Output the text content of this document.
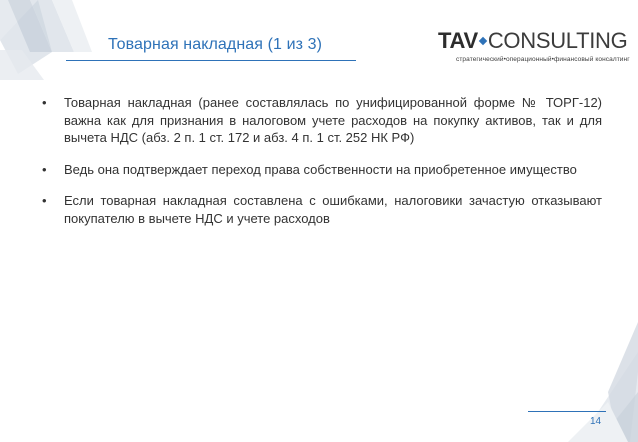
Товарная накладная (1 из 3)	TAV CONSULTING
стратегический•операционный•финансовый консалтинг
• Товарная накладная (ранее составлялась по унифицированной форме № ТОРГ-12) важна как для признания в налоговом учете расходов на покупку активов, так и для вычета НДС (абз. 2 п. 1 ст. 172 и абз. 4 п. 1 ст. 252 НК РФ)
• Ведь она подтверждает переход права собственности на приобретенное имущество
• Если товарная накладная составлена с ошибками, налоговики зачастую отказывают покупателю в вычете НДС и учете расходов
14
